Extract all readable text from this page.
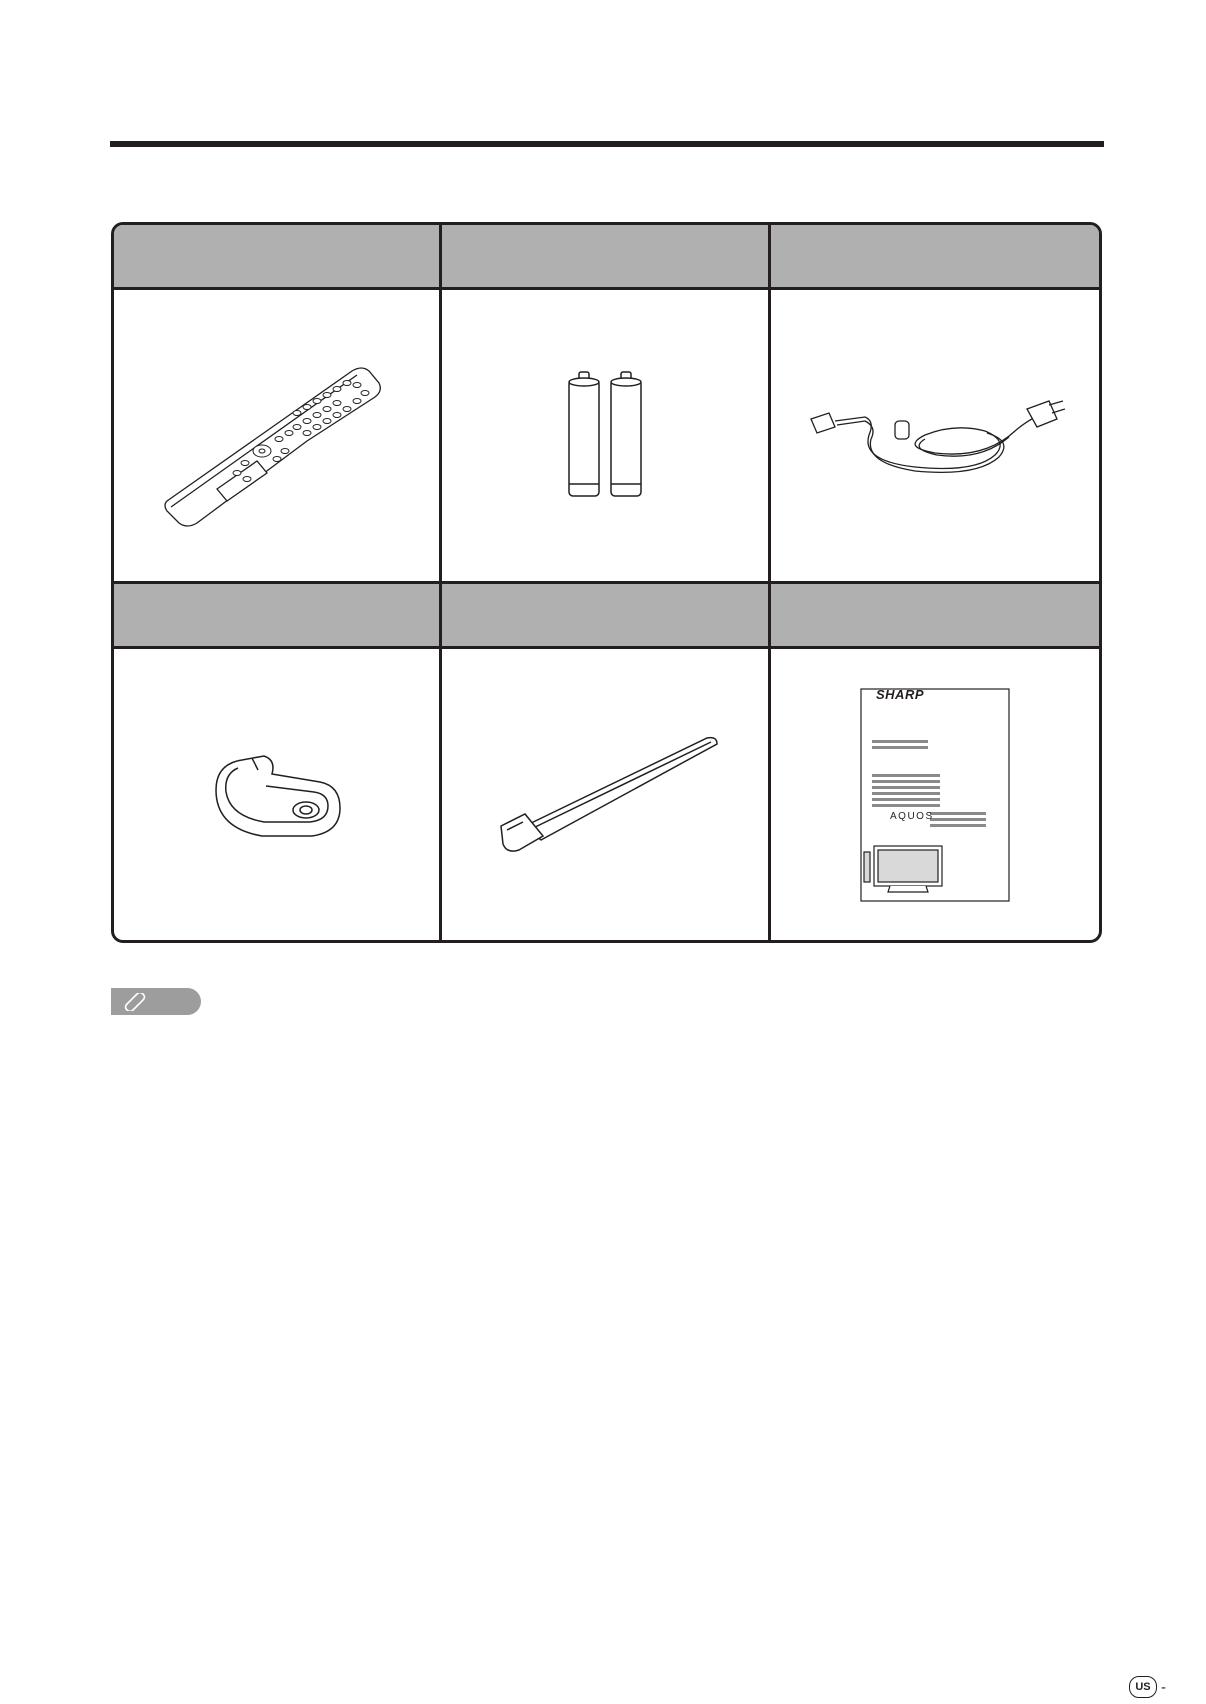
SHARP
AQUOS
US -
